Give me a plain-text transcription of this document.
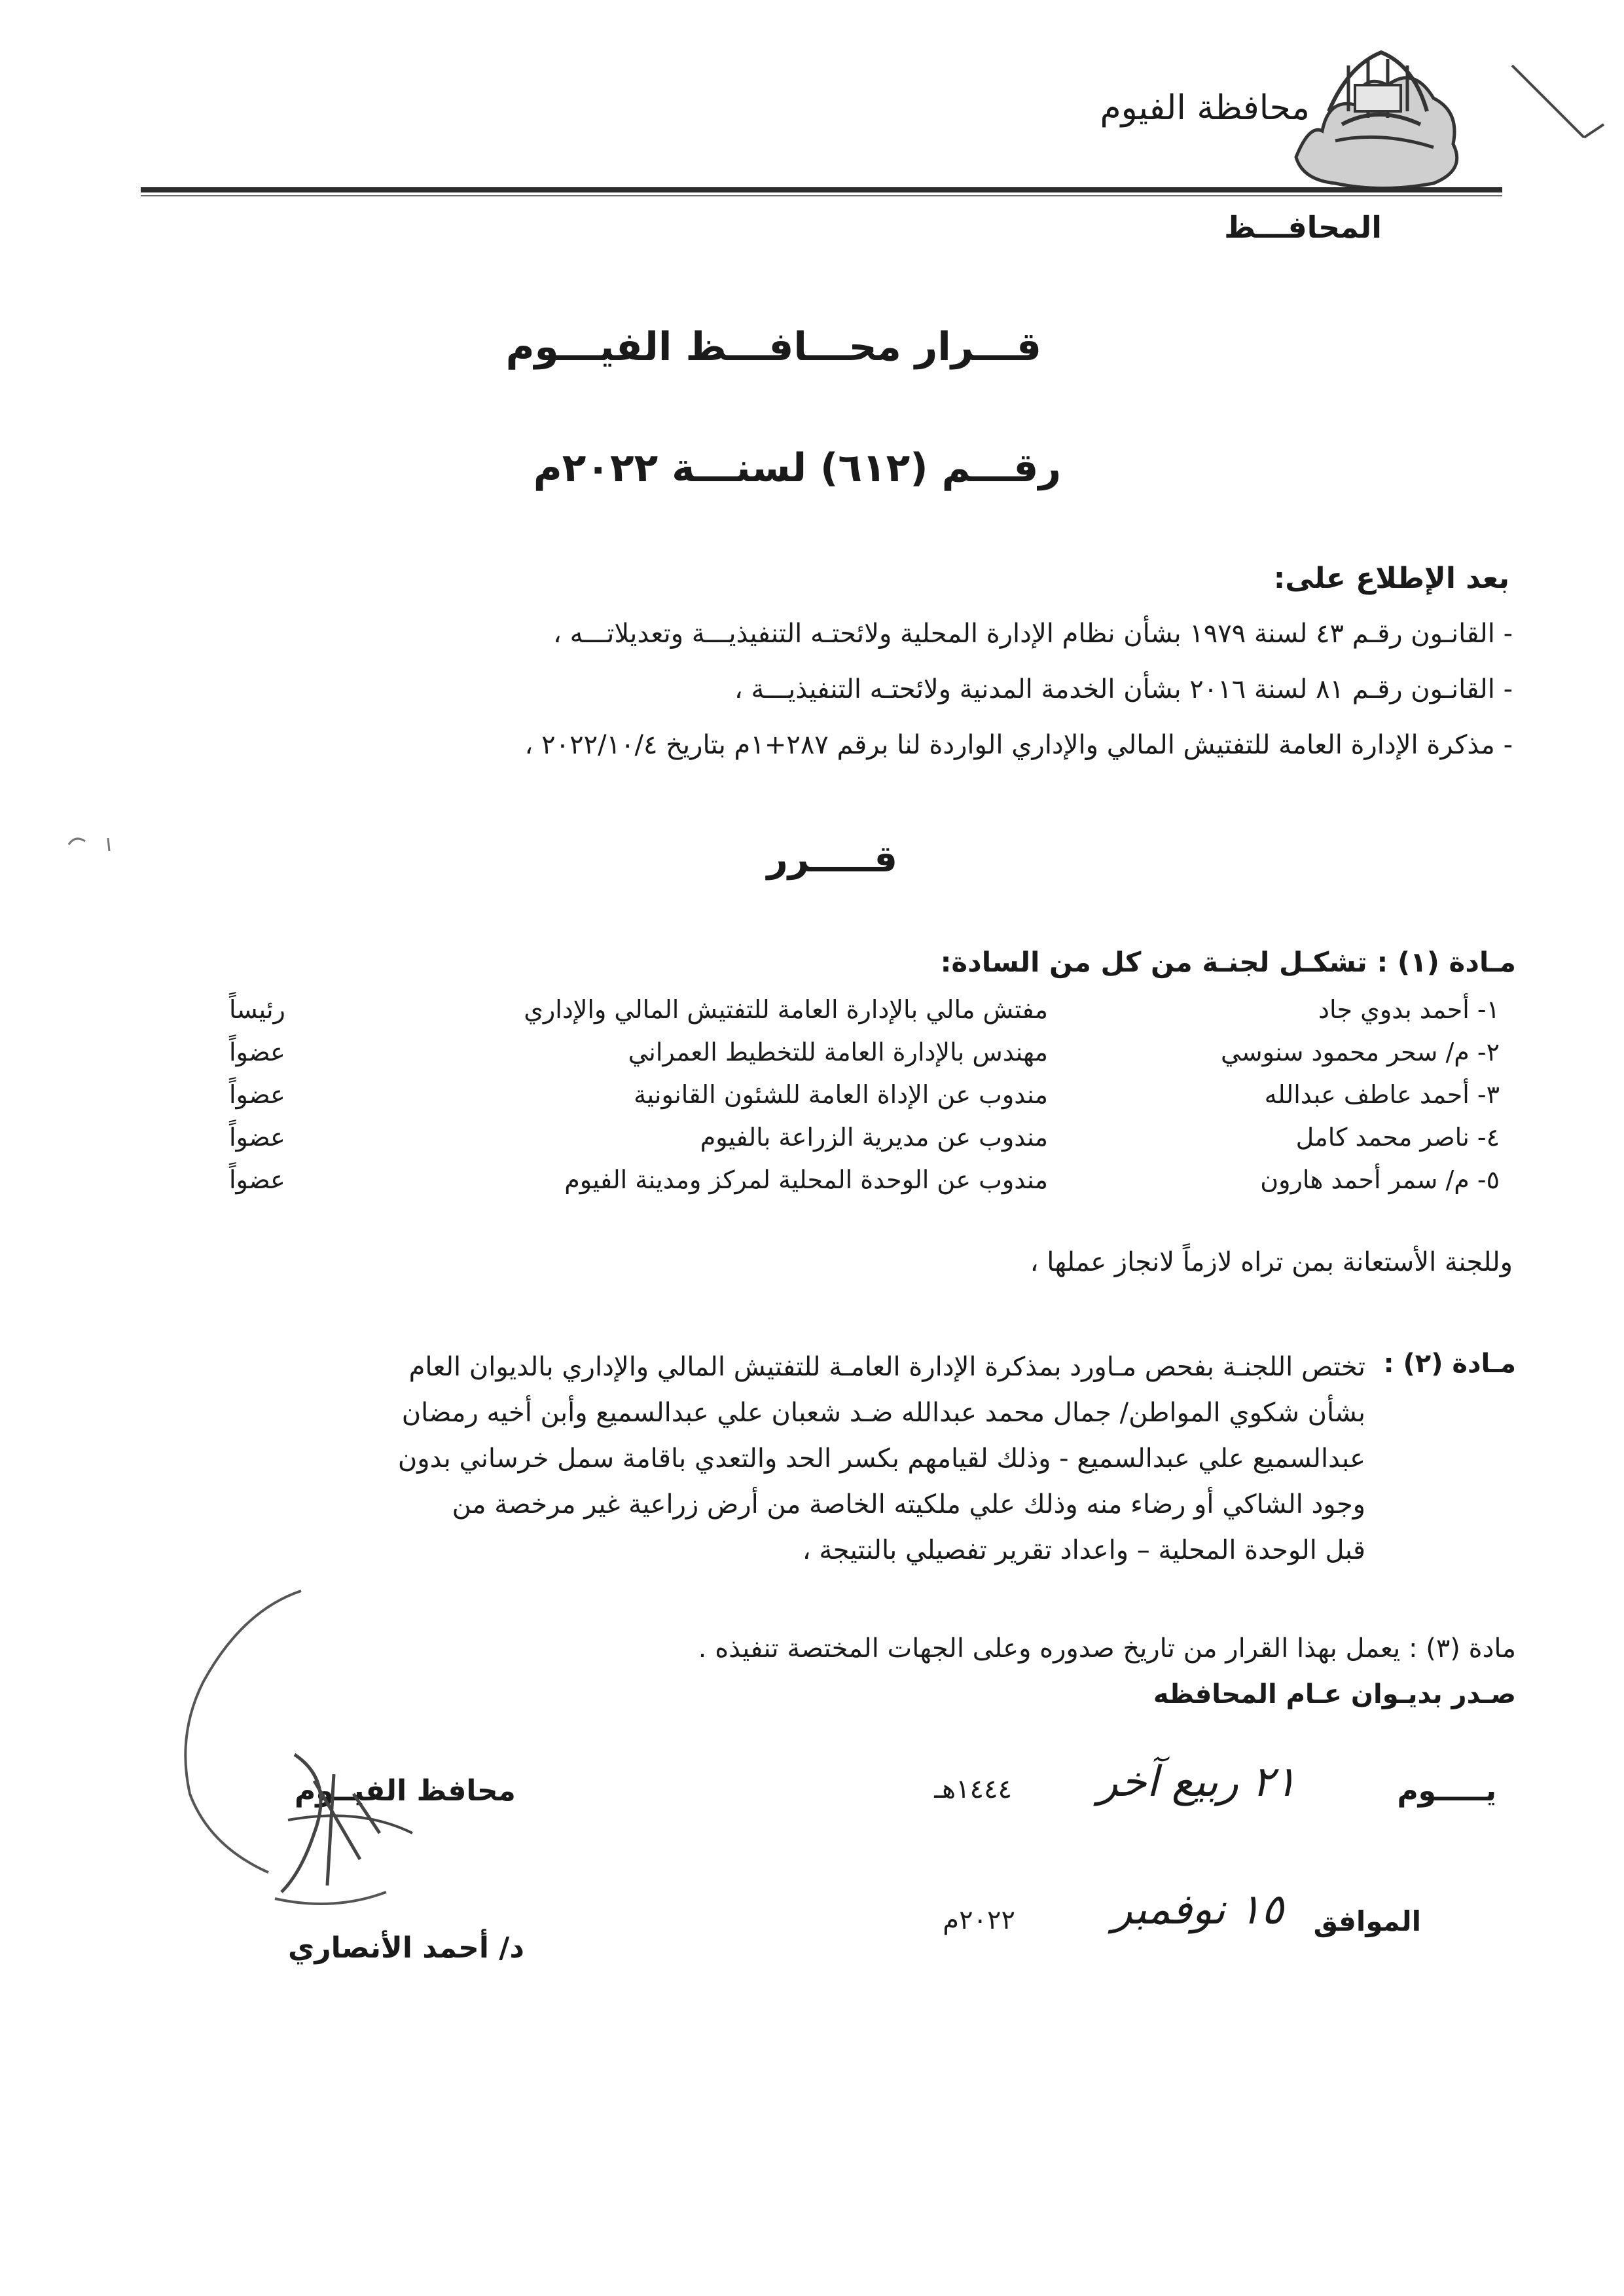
محافظة الفيوم
المحافـــظ
قـــرار محـــافـــظ الفيـــوم
رقـــم (٦١٢) لسنـــة ٢٠٢٢م
بعد الإطلاع على:
- القانـون رقـم ٤٣ لسنة ١٩٧٩ بشأن نظام الإدارة المحلية ولائحتـه التنفيذيـــة وتعديلاتـــه ،
- القانـون رقـم ٨١ لسنة ٢٠١٦ بشأن الخدمة المدنية ولائحتـه التنفيذيـــة ،
- مذكرة الإدارة العامة للتفتيش المالي والإداري الواردة لنا برقم ٢٨٧+١م بتاريخ ٢٠٢٢/١٠/٤ ،
قـــــرر
مـادة (١) : تشكـل لجنـة من كل من السادة:
١- أحمد بدوي جاد
مفتش مالي بالإدارة العامة للتفتيش المالي والإداري
رئيساً
٢- م/ سحر محمود سنوسي
مهندس بالإدارة العامة للتخطيط العمراني
عضواً
٣- أحمد عاطف عبدالله
مندوب عن الإداة العامة للشئون القانونية
عضواً
٤- ناصر محمد كامل
مندوب عن مديرية الزراعة بالفيوم
عضواً
٥- م/ سمر أحمد هارون
مندوب عن الوحدة المحلية لمركز ومدينة الفيوم
عضواً
وللجنة الأستعانة بمن تراه لازماً لانجاز عملها ،
مـادة (٢) :
تختص اللجنـة بفحص مـاورد بمذكرة الإدارة العامـة للتفتيش المالي والإداري بالديوان العام
بشأن شكوي المواطن/ جمال محمد عبدالله ضـد شعبان علي عبدالسميع وأبن أخيه رمضان
عبدالسميع علي عبدالسميع - وذلك لقيامهم بكسر الحد والتعدي باقامة سمل خرساني بدون
وجود الشاكي أو رضاء منه وذلك علي ملكيته الخاصة من أرض زراعية غير مرخصة من
قبل الوحدة المحلية – واعداد تقرير تفصيلي بالنتيجة ،
مادة (٣) : يعمل بهذا القرار من تاريخ صدوره وعلى الجهات المختصة تنفيذه .
صـدر بديـوان عـام المحافظه
يـــــوم
٢١ ربيع آخر
١٤٤٤هـ
الموافق
١٥ نوفمبر
٢٠٢٢م
محافظ الفيــوم
د/ أحمد الأنصاري
